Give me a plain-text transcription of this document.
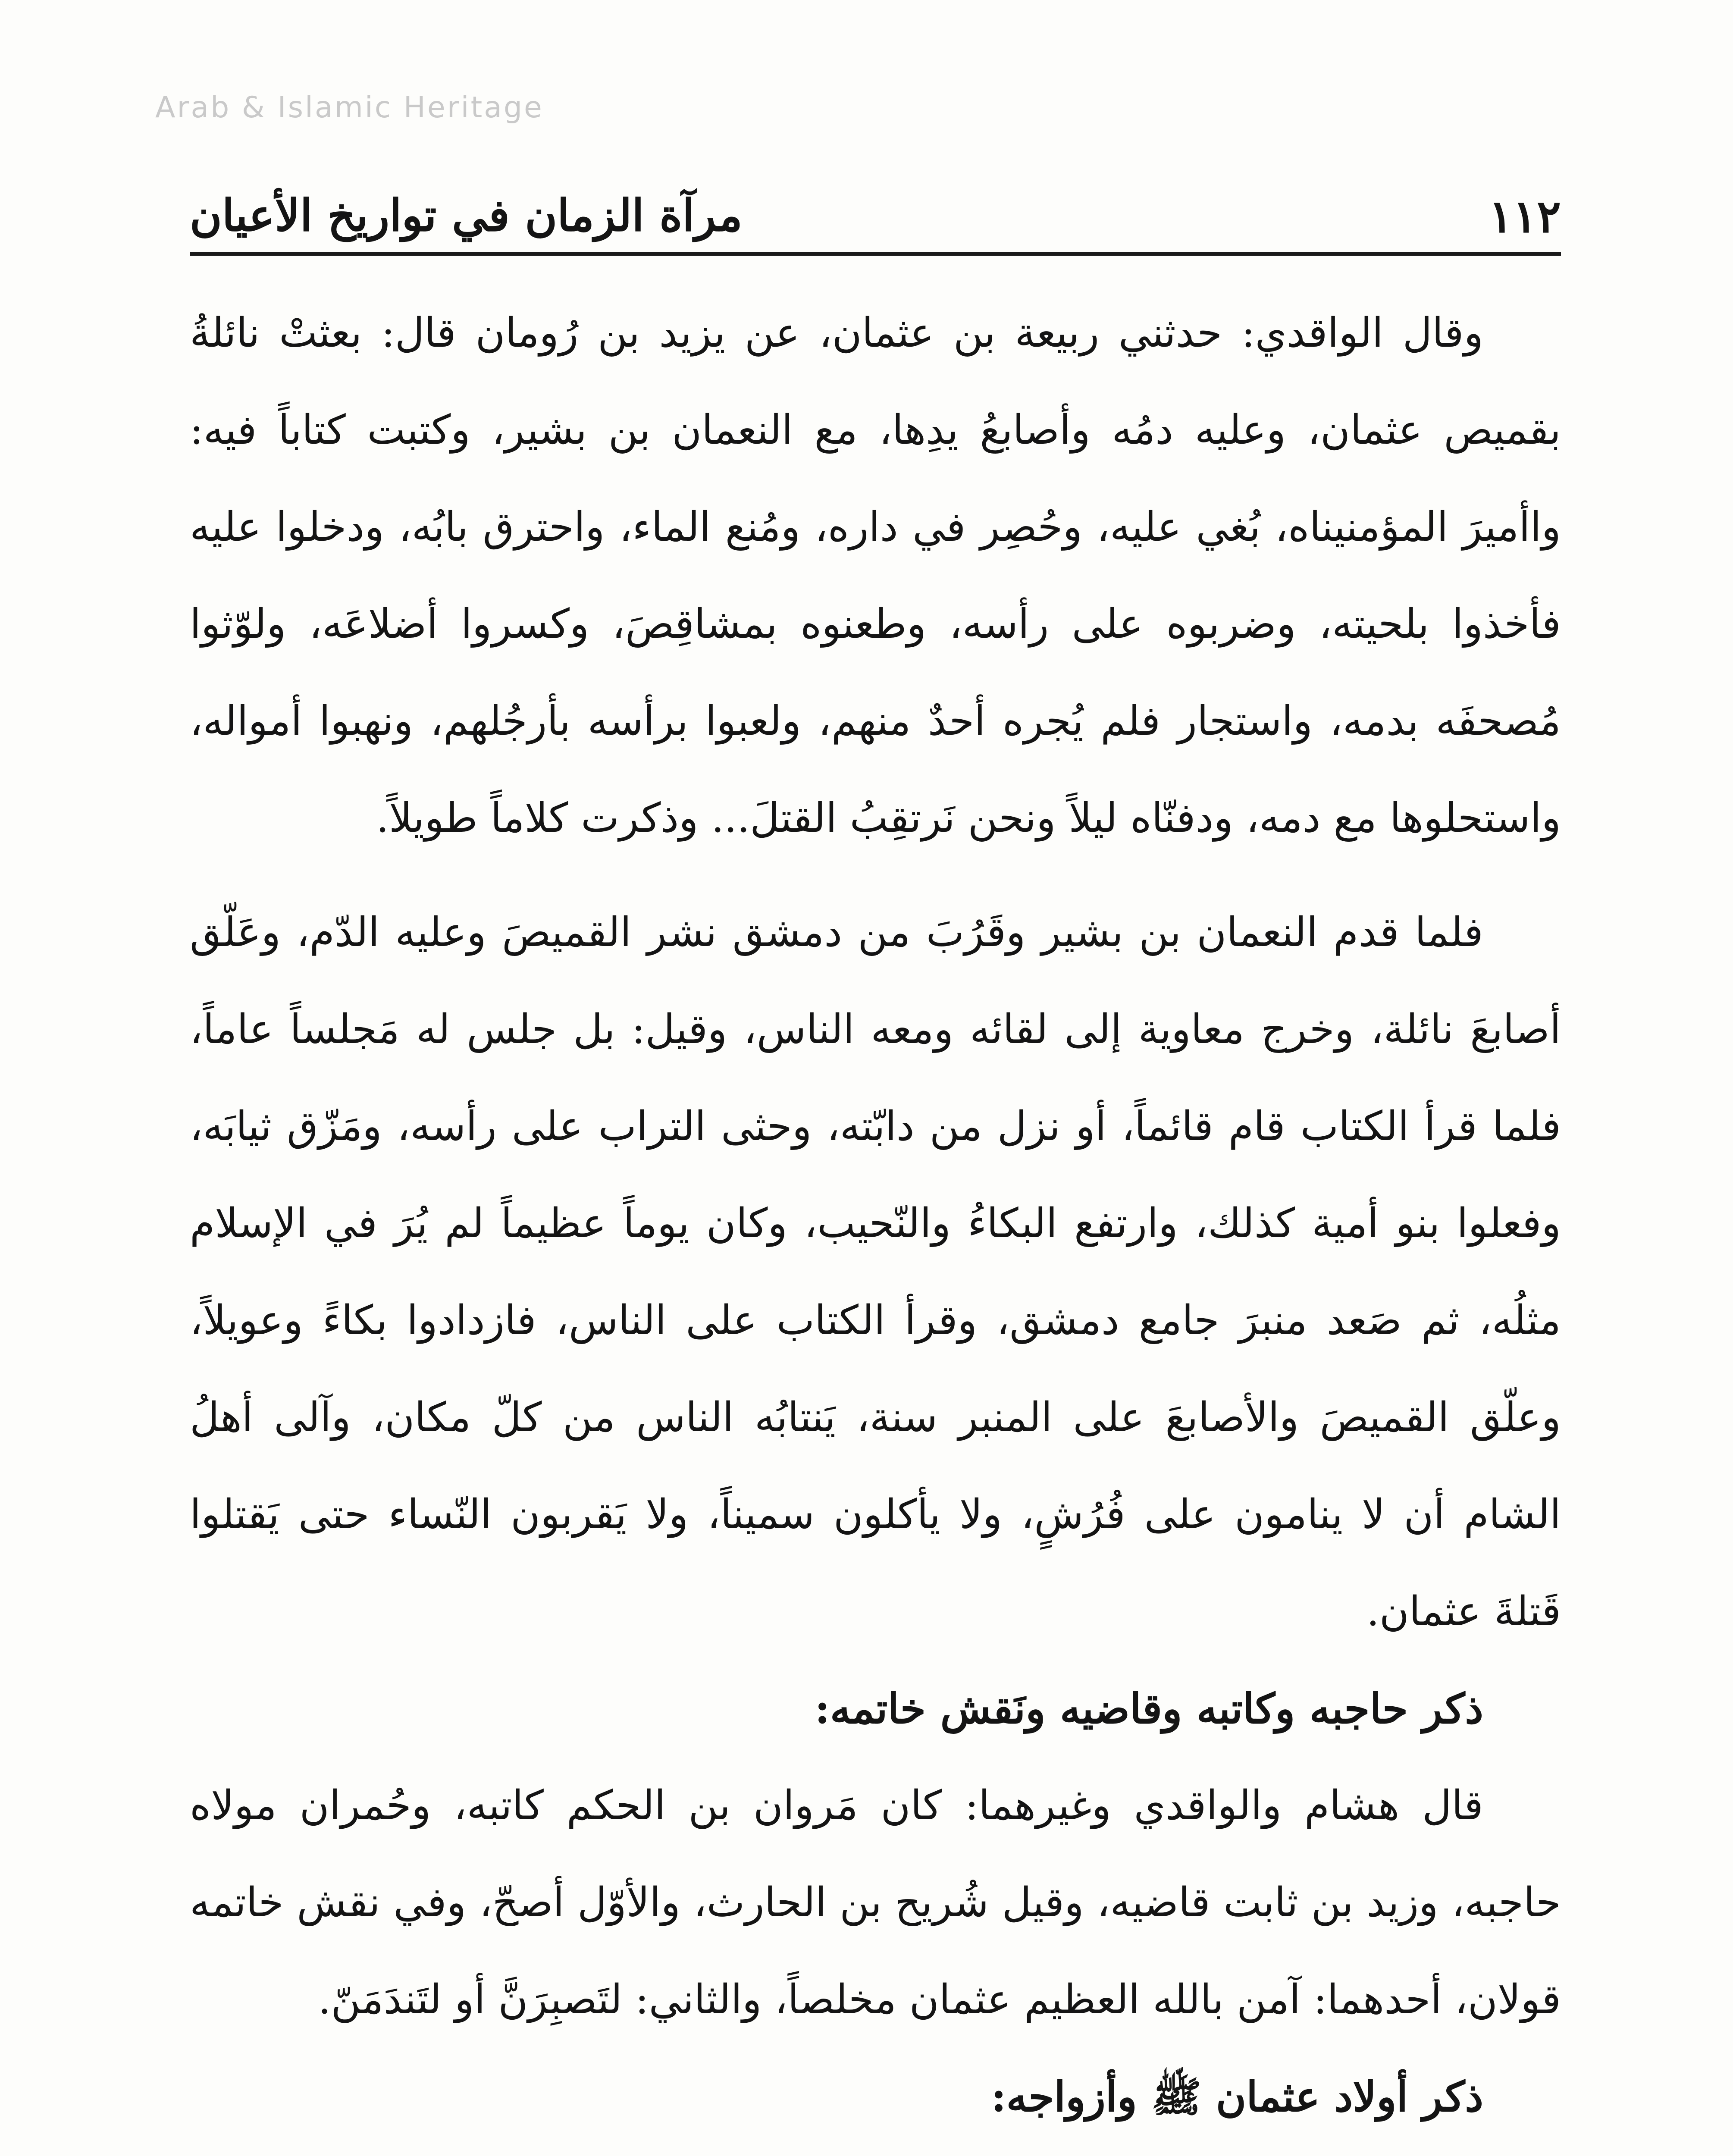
Arab & Islamic Heritage
١١٢
مرآة الزمان في تواريخ الأعيان

وقال الواقدي: حدثني ربيعة بن عثمان، عن يزيد بن رُومان قال: بعثتْ نائلةُ بقميص عثمان، وعليه دمُه وأصابعُ يدِها، مع النعمان بن بشير، وكتبت كتاباً فيه: واأميرَ المؤمنيناه، بُغي عليه، وحُصِر في داره، ومُنع الماء، واحترق بابُه، ودخلوا عليه فأخذوا بلحيته، وضربوه على رأسه، وطعنوه بمشاقِصَ، وكسروا أضلاعَه، ولوّثوا مُصحفَه بدمه، واستجار فلم يُجره أحدٌ منهم، ولعبوا برأسه بأرجُلهم، ونهبوا أمواله، واستحلوها مع دمه، ودفنّاه ليلاً ونحن نَرتقِبُ القتلَ... وذكرت كلاماً طويلاً.

فلما قدم النعمان بن بشير وقَرُبَ من دمشق نشر القميصَ وعليه الدّم، وعَلّق أصابعَ نائلة، وخرج معاوية إلى لقائه ومعه الناس، وقيل: بل جلس له مَجلساً عاماً، فلما قرأ الكتاب قام قائماً، أو نزل من دابّته، وحثى التراب على رأسه، ومَزّق ثيابَه، وفعلوا بنو أمية كذلك، وارتفع البكاءُ والنّحيب، وكان يوماً عظيماً لم يُرَ في الإسلام مثلُه، ثم صَعد منبرَ جامع دمشق، وقرأ الكتاب على الناس، فازدادوا بكاءً وعويلاً، وعلّق القميصَ والأصابعَ على المنبر سنة، يَنتابُه الناس من كلّ مكان، وآلى أهلُ الشام أن لا ينامون على فُرُشٍ، ولا يأكلون سميناً، ولا يَقربون النّساء حتى يَقتلوا قَتلةَ عثمان.

ذكر حاجبه وكاتبه وقاضيه ونَقش خاتمه:

قال هشام والواقدي وغيرهما: كان مَروان بن الحكم كاتبه، وحُمران مولاه حاجبه، وزيد بن ثابت قاضيه، وقيل شُريح بن الحارث، والأوّل أصحّ، وفي نقش خاتمه قولان، أحدهما: آمن بالله العظيم عثمان مخلصاً، والثاني: لتَصبِرَنَّ أو لتَندَمَنّ.

ذكر أولاد عثمان ﷺ وأزواجه:
